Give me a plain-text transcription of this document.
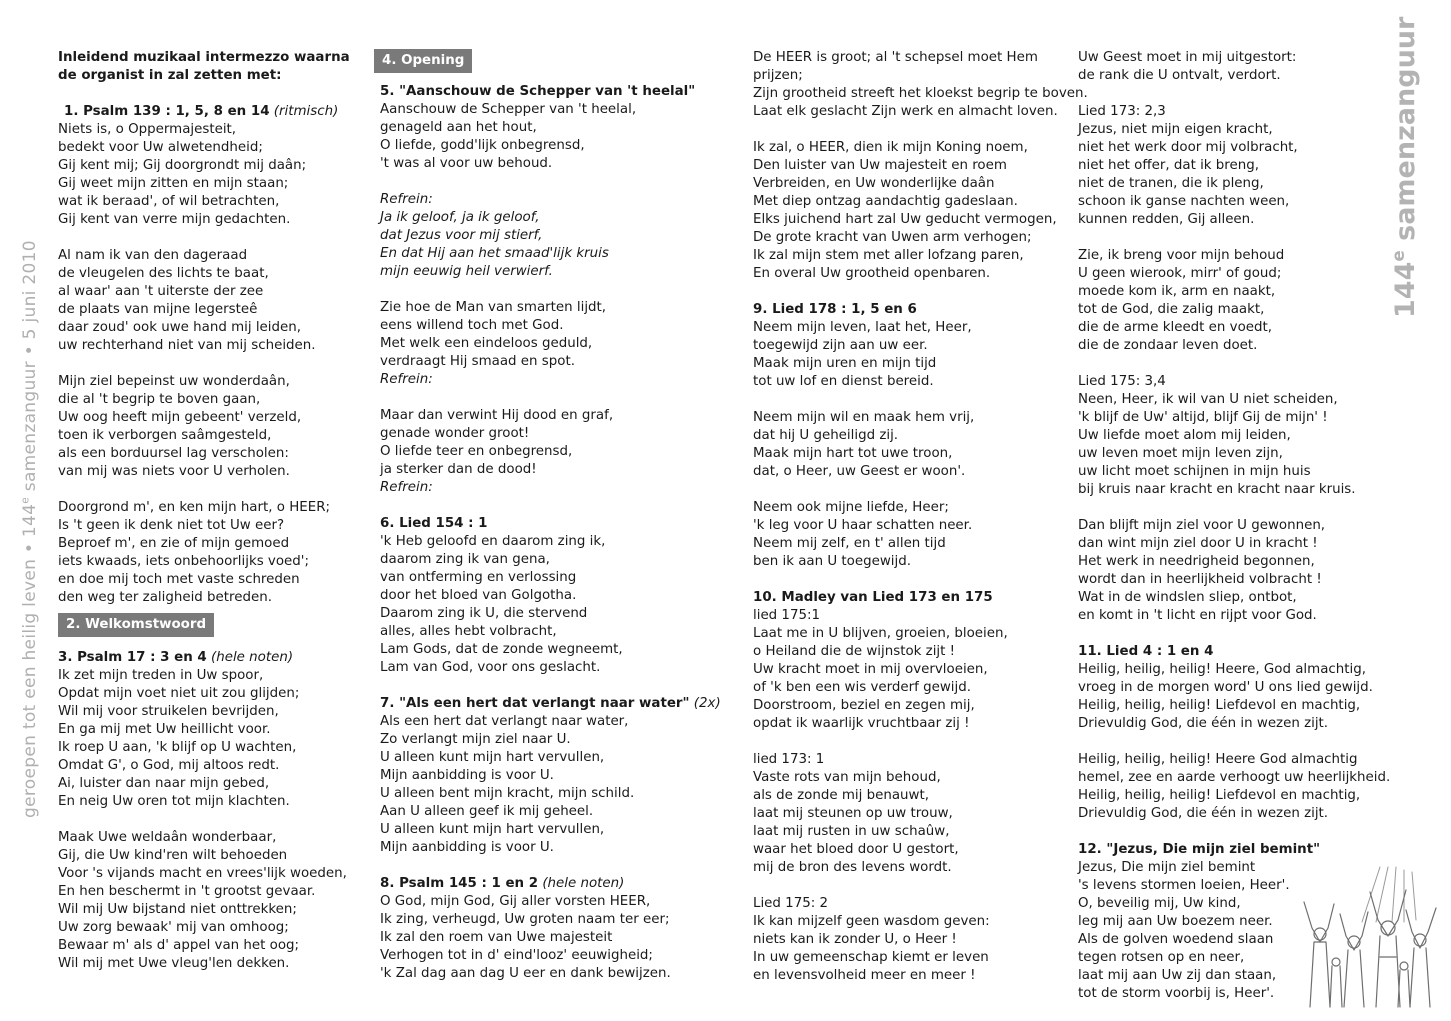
geroepen tot een heilig leven • 144e samenzanguur • 5 juni 2010	144e samenzanguur
Inleidend muzikaal intermezzo waarna
de organist in zal zetten met:
1. Psalm 139 : 1, 5, 8 en 14 (ritmisch)
Niets is, o Oppermajesteit,
bedekt voor Uw alwetendheid;
Gij kent mij; Gij doorgrondt mij daân;
Gij weet mijn zitten en mijn staan;
wat ik beraad', of wil betrachten,
Gij kent van verre mijn gedachten.
Al nam ik van den dageraad
de vleugelen des lichts te baat,
al waar' aan 't uiterste der zee
de plaats van mijne legersteê
daar zoud' ook uwe hand mij leiden,
uw rechterhand niet van mij scheiden.
Mijn ziel bepeinst uw wonderdaân,
die al 't begrip te boven gaan,
Uw oog heeft mijn gebeent' verzeld,
toen ik verborgen saâmgesteld,
als een borduursel lag verscholen:
van mij was niets voor U verholen.
Doorgrond m', en ken mijn hart, o HEER;
Is 't geen ik denk niet tot Uw eer?
Beproef m', en zie of mijn gemoed
iets kwaads, iets onbehoorlijks voed';
en doe mij toch met vaste schreden
den weg ter zaligheid betreden.
2. Welkomstwoord
3. Psalm 17 : 3 en 4 (hele noten)
Ik zet mijn treden in Uw spoor,
Opdat mijn voet niet uit zou glijden;
Wil mij voor struikelen bevrijden,
En ga mij met Uw heillicht voor.
Ik roep U aan, 'k blijf op U wachten,
Omdat G', o God, mij altoos redt.
Ai, luister dan naar mijn gebed,
En neig Uw oren tot mijn klachten.
Maak Uwe weldaân wonderbaar,
Gij, die Uw kind'ren wilt behoeden
Voor 's vijands macht en vrees'lijk woeden,
En hen beschermt in 't grootst gevaar.
Wil mij Uw bijstand niet onttrekken;
Uw zorg bewaak' mij van omhoog;
Bewaar m' als d' appel van het oog;
Wil mij met Uwe vleug'len dekken.
4. Opening
5. "Aanschouw de Schepper van 't heelal"
Aanschouw de Schepper van 't heelal,
genageld aan het hout,
O liefde, godd'lijk onbegrensd,
't was al voor uw behoud.
Refrein:
Ja ik geloof, ja ik geloof,
dat Jezus voor mij stierf,
En dat Hij aan het smaad'lijk kruis
mijn eeuwig heil verwierf.
Zie hoe de Man van smarten lijdt,
eens willend toch met God.
Met welk een eindeloos geduld,
verdraagt Hij smaad en spot.
Refrein:
Maar dan verwint Hij dood en graf,
genade wonder groot!
O liefde teer en onbegrensd,
ja sterker dan de dood!
Refrein:
6. Lied 154 : 1
'k Heb geloofd en daarom zing ik,
daarom zing ik van gena,
van ontferming en verlossing
door het bloed van Golgotha.
Daarom zing ik U, die stervend
alles, alles hebt volbracht,
Lam Gods, dat de zonde wegneemt,
Lam van God, voor ons geslacht.
7. "Als een hert dat verlangt naar water" (2x)
Als een hert dat verlangt naar water,
Zo verlangt mijn ziel naar U.
U alleen kunt mijn hart vervullen,
Mijn aanbidding is voor U.
U alleen bent mijn kracht, mijn schild.
Aan U alleen geef ik mij geheel.
U alleen kunt mijn hart vervullen,
Mijn aanbidding is voor U.
8. Psalm 145 : 1 en 2 (hele noten)
O God, mijn God, Gij aller vorsten HEER,
Ik zing, verheugd, Uw groten naam ter eer;
Ik zal den roem van Uwe majesteit
Verhogen tot in d' eind'looz' eeuwigheid;
'k Zal dag aan dag U eer en dank bewijzen.
De HEER is groot; al 't schepsel moet Hem
prijzen;
Zijn grootheid streeft het kloekst begrip te boven.
Laat elk geslacht Zijn werk en almacht loven.
Ik zal, o HEER, dien ik mijn Koning noem,
Den luister van Uw majesteit en roem
Verbreiden, en Uw wonderlijke daân
Met diep ontzag aandachtig gadeslaan.
Elks juichend hart zal Uw geducht vermogen,
De grote kracht van Uwen arm verhogen;
Ik zal mijn stem met aller lofzang paren,
En overal Uw grootheid openbaren.
9. Lied 178 : 1, 5 en 6
Neem mijn leven, laat het, Heer,
toegewijd zijn aan uw eer.
Maak mijn uren en mijn tijd
tot uw lof en dienst bereid.
Neem mijn wil en maak hem vrij,
dat hij U geheiligd zij.
Maak mijn hart tot uwe troon,
dat, o Heer, uw Geest er woon'.
Neem ook mijne liefde, Heer;
'k leg voor U haar schatten neer.
Neem mij zelf, en t' allen tijd
ben ik aan U toegewijd.
10. Madley van Lied 173 en 175
lied 175:1
Laat me in U blijven, groeien, bloeien,
o Heiland die de wijnstok zijt !
Uw kracht moet in mij overvloeien,
of 'k ben een wis verderf gewijd.
Doorstroom, beziel en zegen mij,
opdat ik waarlijk vruchtbaar zij !
lied 173: 1
Vaste rots van mijn behoud,
als de zonde mij benauwt,
laat mij steunen op uw trouw,
laat mij rusten in uw schaûw,
waar het bloed door U gestort,
mij de bron des levens wordt.
Lied 175: 2
Ik kan mijzelf geen wasdom geven:
niets kan ik zonder U, o Heer !
In uw gemeenschap kiemt er leven
en levensvolheid meer en meer !
Uw Geest moet in mij uitgestort:
de rank die U ontvalt, verdort.
Lied 173: 2,3
Jezus, niet mijn eigen kracht,
niet het werk door mij volbracht,
niet het offer, dat ik breng,
niet de tranen, die ik pleng,
schoon ik ganse nachten ween,
kunnen redden, Gij alleen.
Zie, ik breng voor mijn behoud
U geen wierook, mirr' of goud;
moede kom ik, arm en naakt,
tot de God, die zalig maakt,
die de arme kleedt en voedt,
die de zondaar leven doet.
Lied 175: 3,4
Neen, Heer, ik wil van U niet scheiden,
'k blijf de Uw' altijd, blijf Gij de mijn' !
Uw liefde moet alom mij leiden,
uw leven moet mijn leven zijn,
uw licht moet schijnen in mijn huis
bij kruis naar kracht en kracht naar kruis.
Dan blijft mijn ziel voor U gewonnen,
dan wint mijn ziel door U in kracht !
Het werk in needrigheid begonnen,
wordt dan in heerlijkheid volbracht !
Wat in de windslen sliep, ontbot,
en komt in 't licht en rijpt voor God.
11. Lied 4 : 1 en 4
Heilig, heilig, heilig! Heere, God almachtig,
vroeg in de morgen word' U ons lied gewijd.
Heilig, heilig, heilig! Liefdevol en machtig,
Drievuldig God, die één in wezen zijt.
Heilig, heilig, heilig! Heere God almachtig
hemel, zee en aarde verhoogt uw heerlijkheid.
Heilig, heilig, heilig! Liefdevol en machtig,
Drievuldig God, die één in wezen zijt.
12. "Jezus, Die mijn ziel bemint"
Jezus, Die mijn ziel bemint
's levens stormen loeien, Heer'.
O, beveilig mij, Uw kind,
leg mij aan Uw boezem neer.
Als de golven woedend slaan
tegen rotsen op en neer,
laat mij aan Uw zij dan staan,
tot de storm voorbij is, Heer'.
